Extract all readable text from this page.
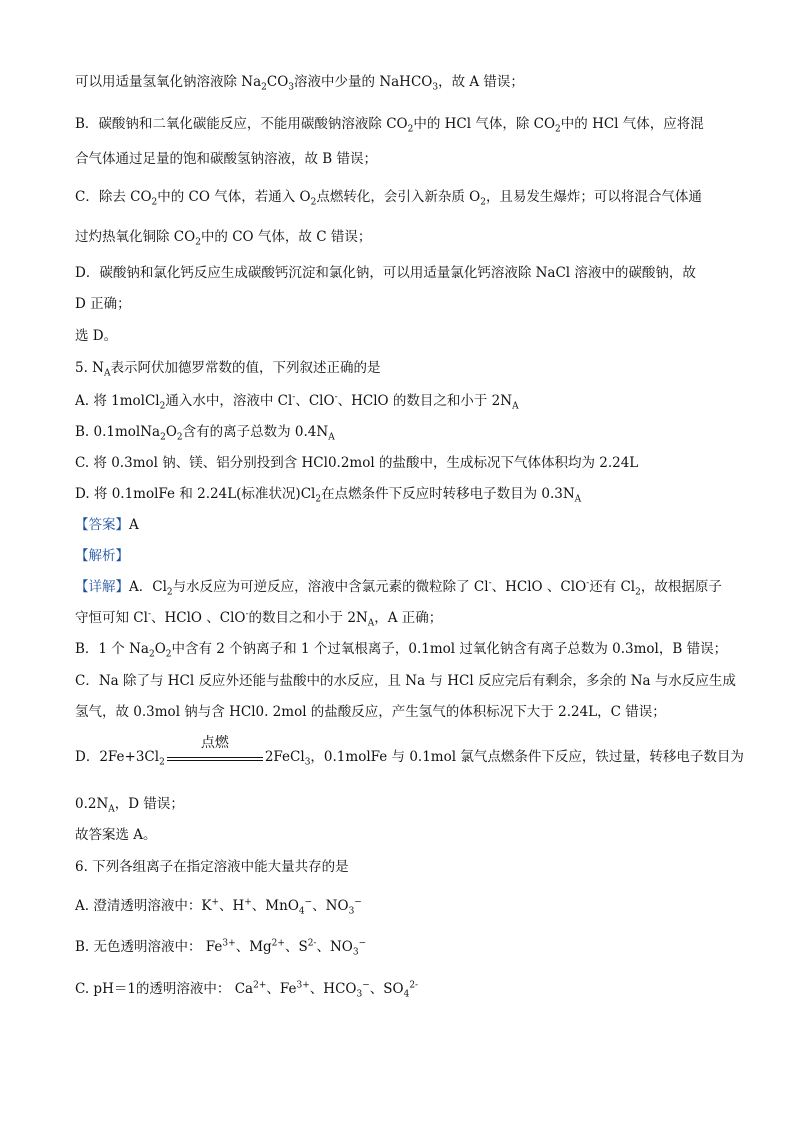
可以用适量氢氧化钠溶液除 $Na_2CO_3$溶液中少量的 NaHCO$_3$，故 A 错误；
B．碳酸钠和二氧化碳能反应，不能用碳酸钠溶液除 $CO_2$中的 HCl 气体，除 $CO_2$中的 HCl 气体，应将混
合气体通过足量的饱和碳酸氢钠溶液，故 B 错误；
C．除去 $CO_2$中的 CO 气体，若通入 $O_2$点燃转化，会引入新杂质 $O_2$，且易发生爆炸；可以将混合气体通
过灼热氧化铜除 $CO_2$中的 CO 气体，故 C 错误；
D．碳酸钠和氯化钙反应生成碳酸钙沉淀和氯化钠，可以用适量氯化钙溶液除 NaCl 溶液中的碳酸钠，故
D 正确；
选 D。
5. $N_A$表示阿伏加德罗常数的值，下列叙述正确的是
A. 将 1molCl$_2$通入水中，溶液中 Cl-、ClO-、HClO 的数目之和小于 $2N_A$
B. $0.1molNa_2O_2$含有的离子总数为 $0.4N_A$
C. 将 0.3mol 钠、镁、铝分别投到含 HCl0.2mol 的盐酸中，生成标况下气体体积均为 2.24L
D. 将 0.1molFe 和 2.24L(标准状况)$Cl_2$在点燃条件下反应时转移电子数目为 $0.3N_A$
【答案】A
【解析】
【详解】A．$Cl_2$与水反应为可逆反应，溶液中含氯元素的微粒除了 Cl-、HClO 、ClO-还有 $Cl_2$，故根据原子
守恒可知 Cl-、HClO 、ClO-的数目之和小于 $2N_A$，A 正确；
B．1 个 $Na_2O_2$中含有 2 个钠离子和 1 个过氧根离子，0.1mol 过氧化钠含有离子总数为 0.3mol，B 错误；
C．Na 除了与 HCl 反应外还能与盐酸中的水反应，且 Na 与 HCl 反应完后有剩余，多余的 Na 与水反应生成
氢气，故 0.3mol 钠与含 HCl0. 2mol 的盐酸反应，产生氢气的体积标况下大于 2.24L，C 错误；
D．$2Fe+3Cl_2$
点燃
2FeCl$_3$，0.1molFe 与 0.1mol 氯气点燃条件下反应，铁过量，转移电子数目为
$0.2N_A$，D 错误；
故答案选 A。
6. 下列各组离子在指定溶液中能大量共存的是
A. 澄清透明溶液中：K+、H+、MnO$_4$−、$NO_3^-$
B. 无色透明溶液中： $Fe^{3+}$、$Mg^{2+}$、$S^{2-}$、$NO_3^-$
C. pH＝1的透明溶液中： $Ca^{2+}$、$Fe^{3+}$、$HCO_3^-$、$SO_4^{2-}$
